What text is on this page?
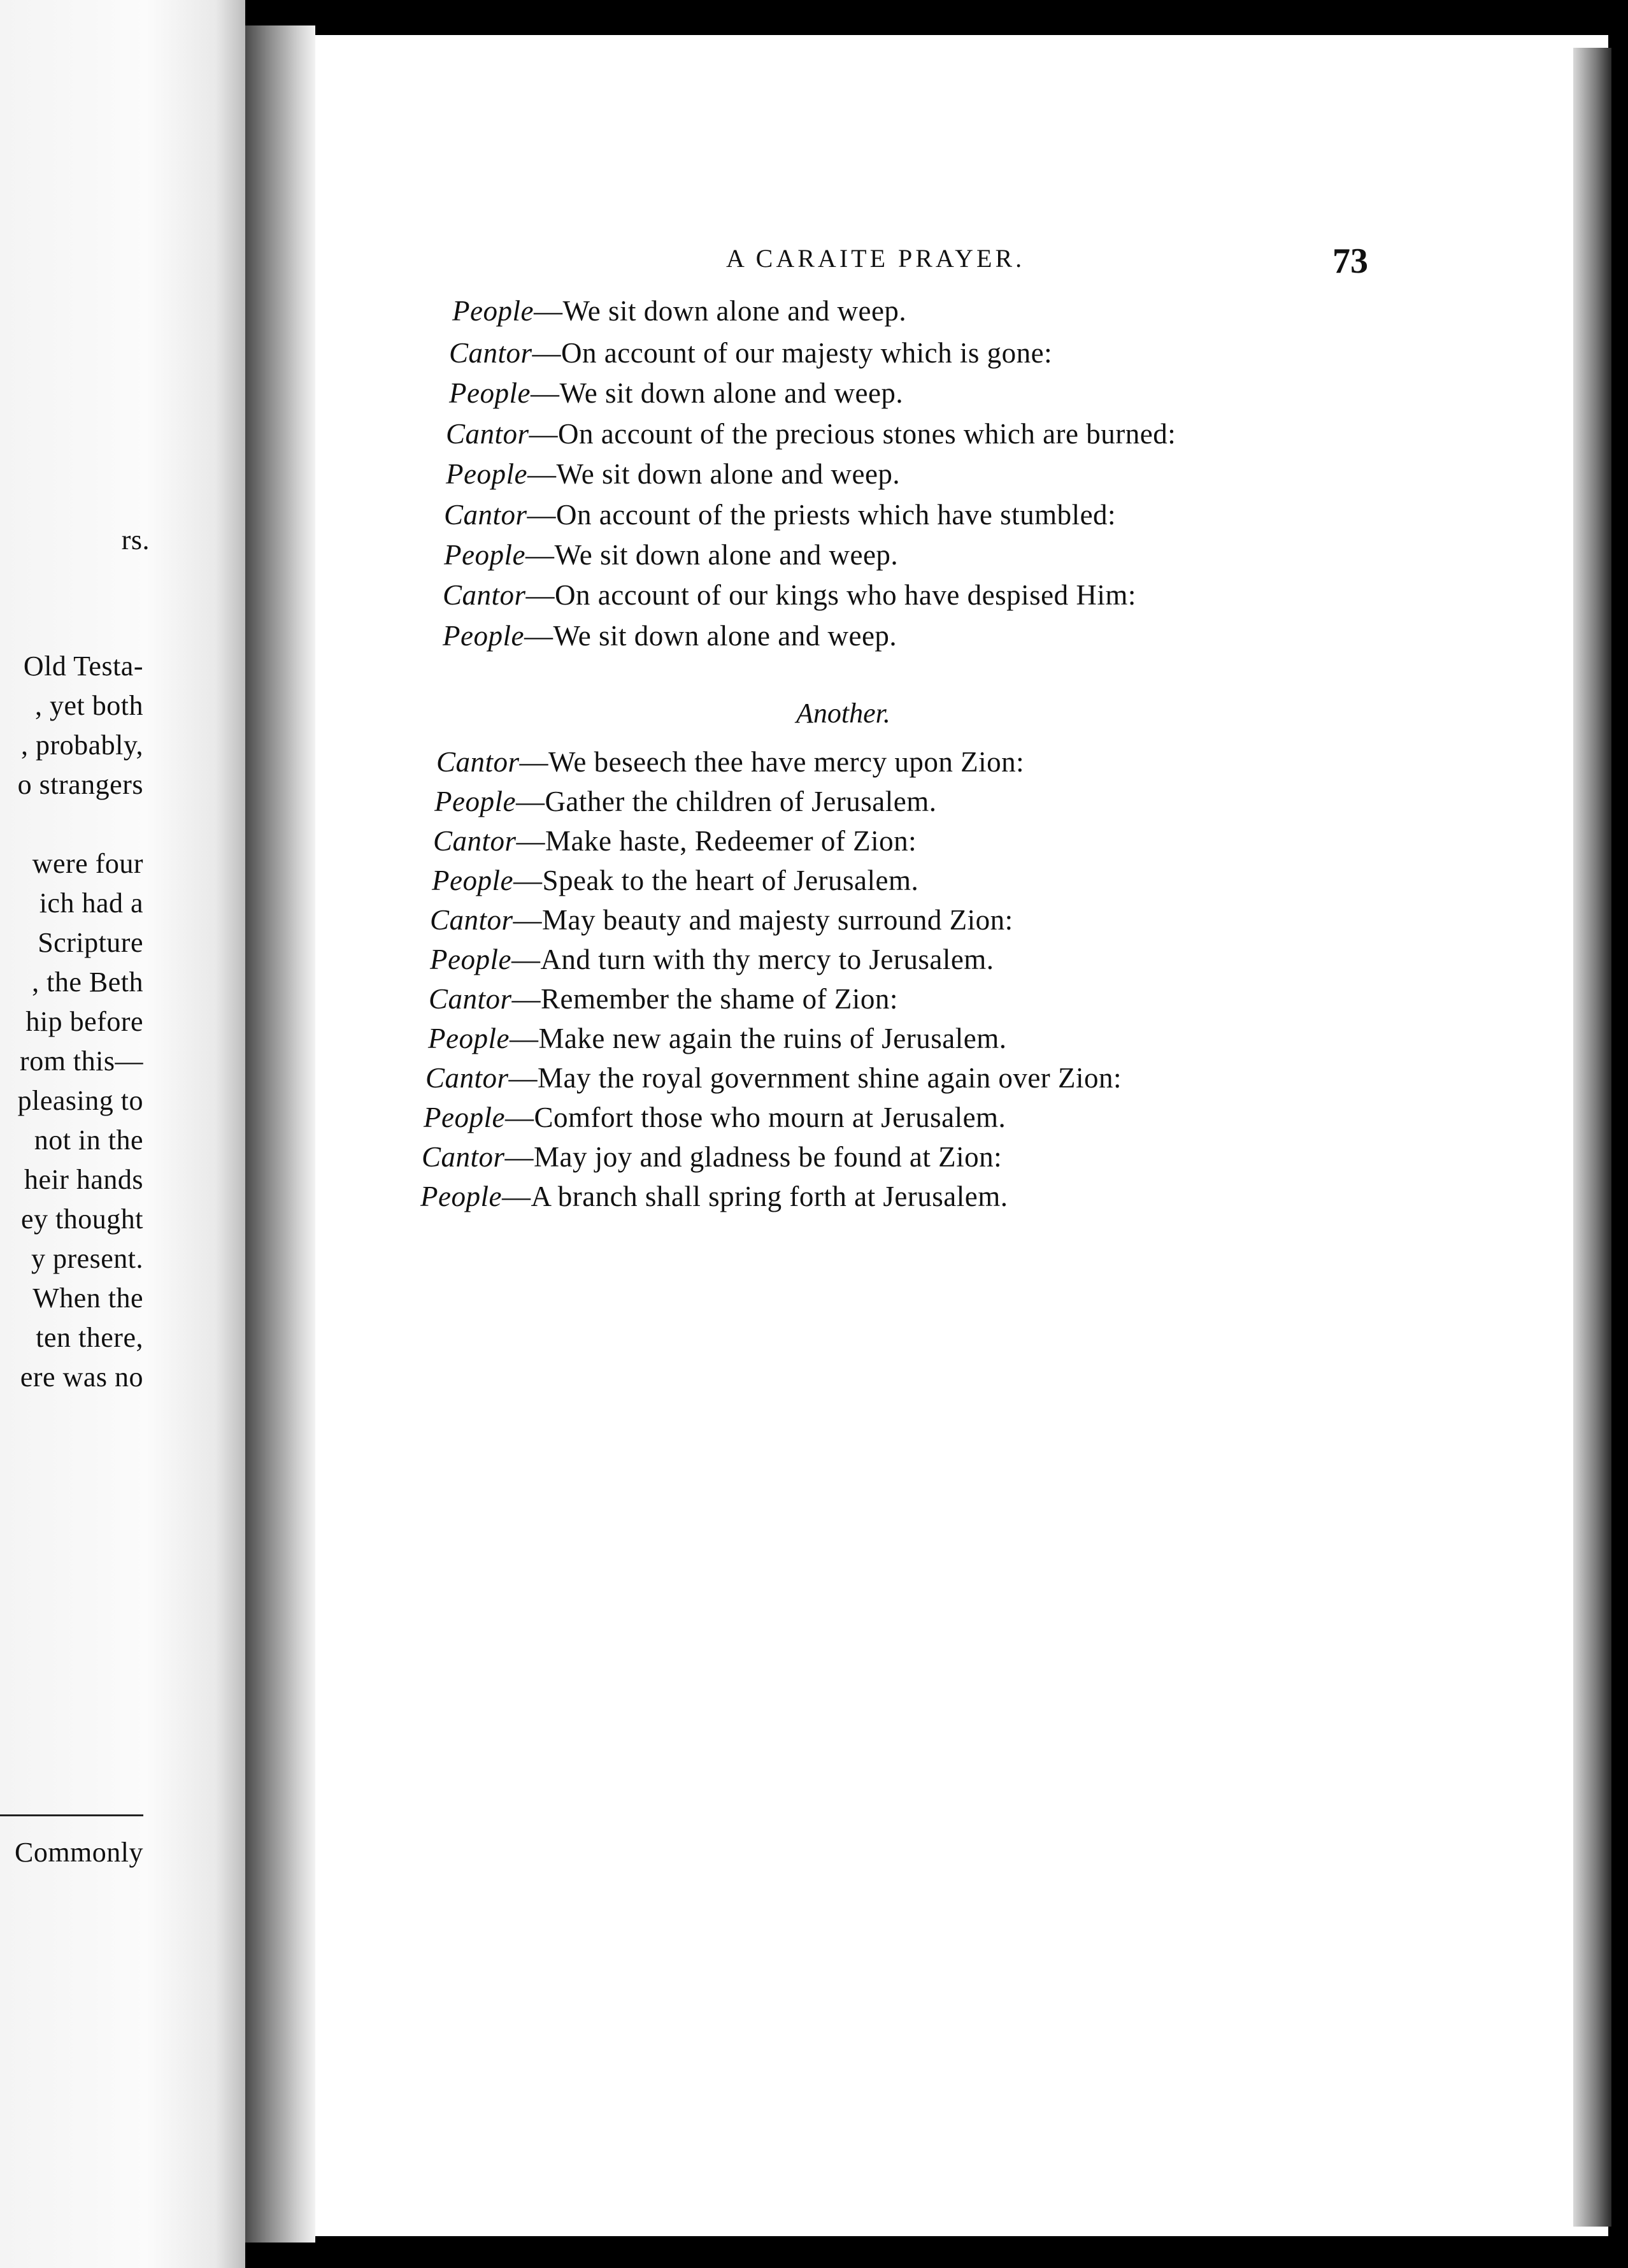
rs.
Old Testa-
, yet both
, probably,
o strangers
were four
ich had a
Scripture
, the Beth
hip before
rom this—
pleasing to
not in the
heir hands
ey thought
y present.
When the
ten there,
ere was no
Commonly
A CARAITE PRAYER.	73
People—We sit down alone and weep.
Cantor—On account of our majesty which is gone:
People—We sit down alone and weep.
Cantor—On account of the precious stones which are burned:
People—We sit down alone and weep.
Cantor—On account of the priests which have stumbled:
People—We sit down alone and weep.
Cantor—On account of our kings who have despised Him:
People—We sit down alone and weep.
Another.
Cantor—We beseech thee have mercy upon Zion:
People—Gather the children of Jerusalem.
Cantor—Make haste, Redeemer of Zion:
People—Speak to the heart of Jerusalem.
Cantor—May beauty and majesty surround Zion:
People—And turn with thy mercy to Jerusalem.
Cantor—Remember the shame of Zion:
People—Make new again the ruins of Jerusalem.
Cantor—May the royal government shine again over Zion:
People—Comfort those who mourn at Jerusalem.
Cantor—May joy and gladness be found at Zion:
People—A branch shall spring forth at Jerusalem.
